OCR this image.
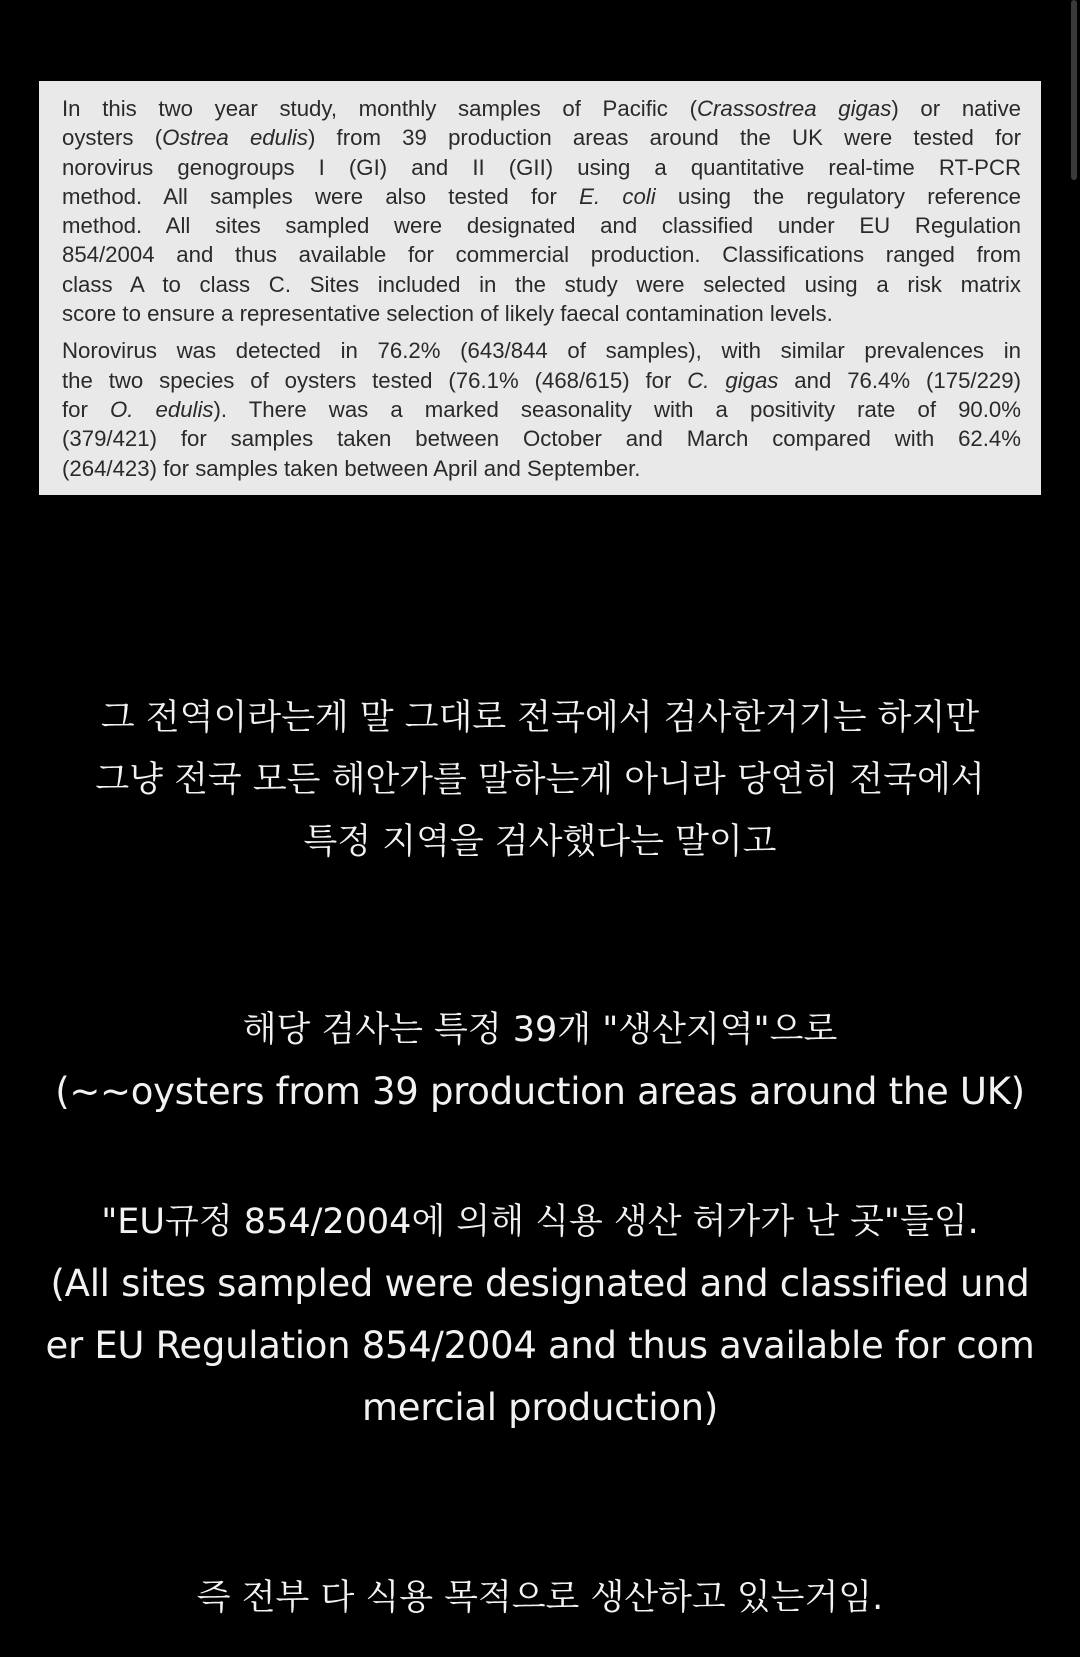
In this two year study, monthly samples of Pacific (Crassostrea gigas) or native
oysters (Ostrea edulis) from 39 production areas around the UK were tested for
norovirus genogroups I (GI) and II (GII) using a quantitative real-time RT-PCR
method. All samples were also tested for E. coli using the regulatory reference
method. All sites sampled were designated and classified under EU Regulation
854/2004 and thus available for commercial production. Classifications ranged from
class A to class C. Sites included in the study were selected using a risk matrix
score to ensure a representative selection of likely faecal contamination levels.

Norovirus was detected in 76.2% (643/844 of samples), with similar prevalences in
the two species of oysters tested (76.1% (468/615) for C. gigas and 76.4% (175/229)
for O. edulis). There was a marked seasonality with a positivity rate of 90.0%
(379/421) for samples taken between October and March compared with 62.4%
(264/423) for samples taken between April and September.

그 전역이라는게 말 그대로 전국에서 검사한거기는 하지만
그냥 전국 모든 해안가를 말하는게 아니라 당연히 전국에서
특정 지역을 검사했다는 말이고
해당 검사는 특정 39개 "생산지역"으로
(~~oysters from 39 production areas around the UK)
"EU규정 854/2004에 의해 식용 생산 허가가 난 곳"들임.
(All sites sampled were designated and classified und
er EU Regulation 854/2004 and thus available for com
mercial production)
즉 전부 다 식용 목적으로 생산하고 있는거임.
